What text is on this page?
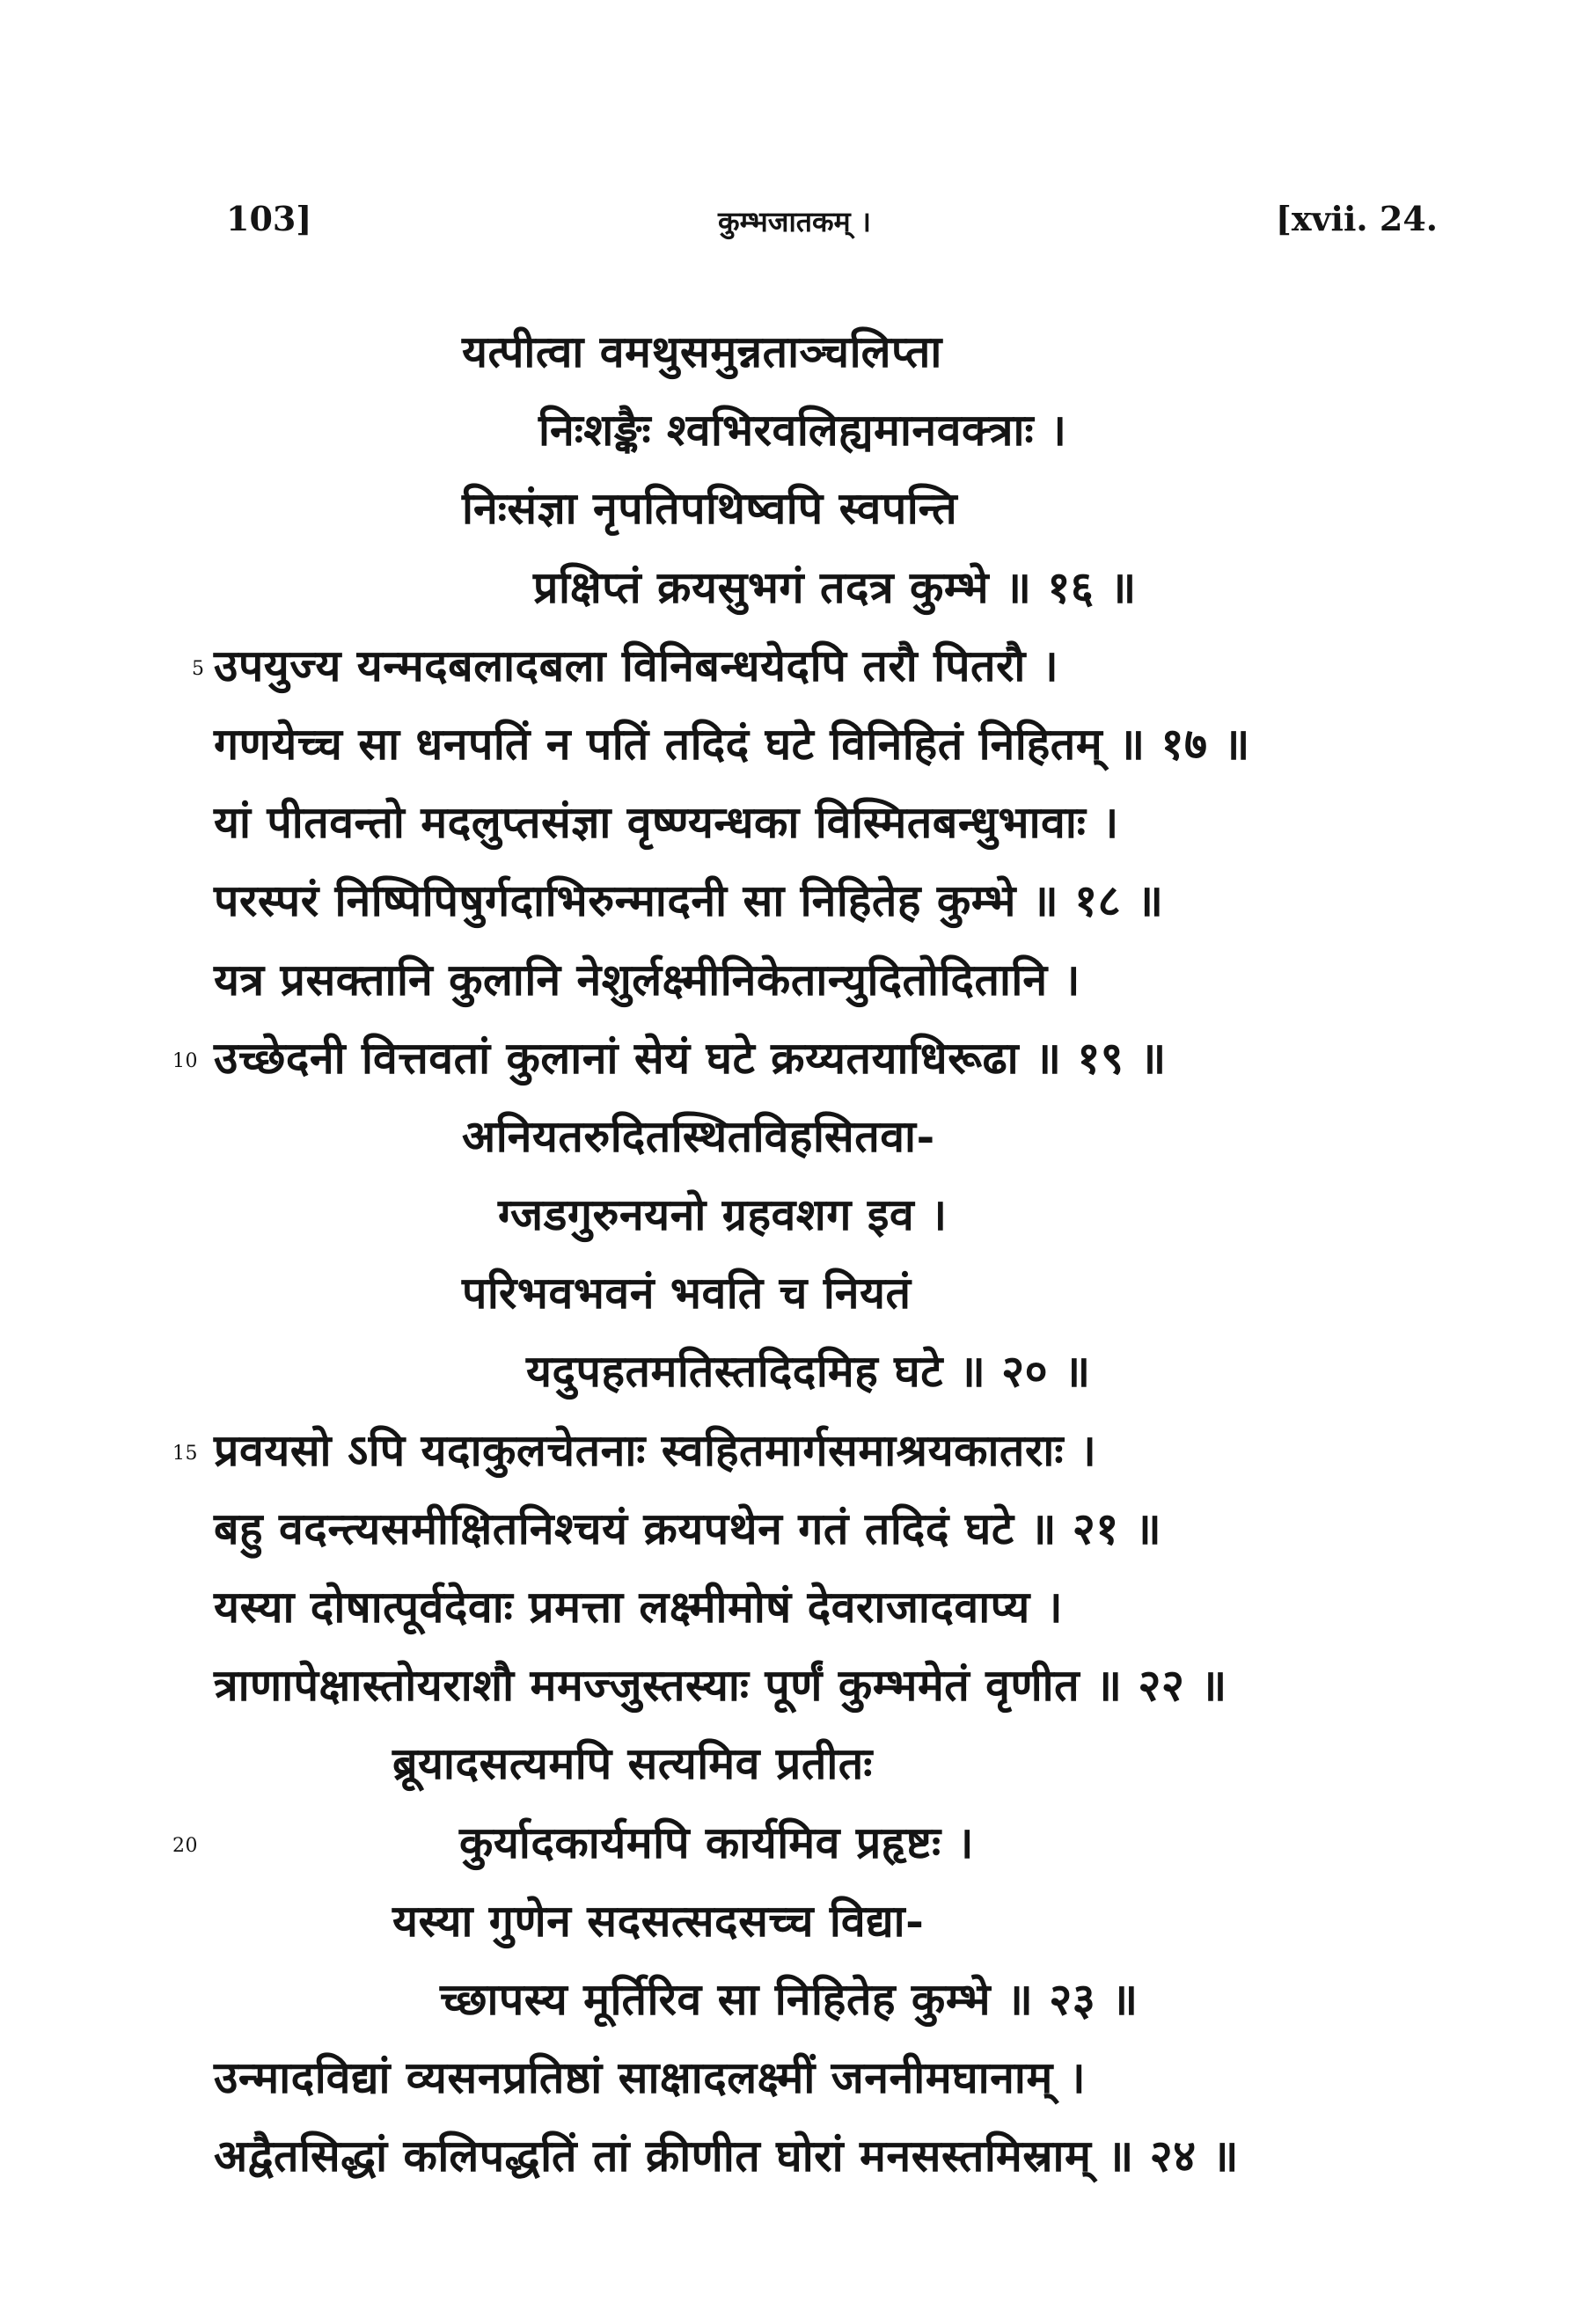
103]	कुम्भजातकम् ।	[xvii. 24.
यत्पीत्वा वमथुसमुन्नताञ्चलिप्ता
निःशङ्कैः श्वभिरवलिह्यमानवक्त्राः ।
निःसंज्ञा नृपतिपथिष्वपि स्वपन्ति
प्रक्षिप्तं क्रयसुभगं तदत्र कुम्भे ॥ १६ ॥
5 उपयुज्य यन्मदबलादबला विनिबन्धयेदपि तरौ पितरौ ।
गणयेच्च सा धनपतिं न पतिं तदिदं घटे विनिहितं निहितम् ॥ १७ ॥
यां पीतवन्तो मदलुप्तसंज्ञा वृष्ण्यन्धका विस्मितबन्धुभावाः ।
परस्परं निष्पिपिषुर्गदाभिरुन्मादनी सा निहितेह कुम्भे ॥ १८ ॥
यत्र प्रसक्तानि कुलानि नेशुर्लक्ष्मीनिकेतान्युदितोदितानि ।
10 उच्छेदनी वित्तवतां कुलानां सेयं घटे क्रय्यतयाधिरूढा ॥ १९ ॥
अनियतरुदितस्थितविहसितवा-
ग्जडगुरुनयनो ग्रहवशग इव ।
परिभवभवनं भवति च नियतं
यदुपहतमतिस्तदिदमिह घटे ॥ २० ॥
15 प्रवयसो ऽपि यदाकुलचेतनाः स्वहितमार्गसमाश्रयकातराः ।
बहु वदन्त्यसमीक्षितनिश्चयं क्रयपथेन गतं तदिदं घटे ॥ २१ ॥
यस्या दोषात्पूर्वदेवाः प्रमत्ता लक्ष्मीमोषं देवराजादवाप्य ।
त्राणापेक्षास्तोयराशौ ममज्जुस्तस्याः पूर्णं कुम्भमेतं वृणीत ॥ २२ ॥
ब्रूयादसत्यमपि सत्यमिव प्रतीतः
20	कुर्यादकार्यमपि कार्यमिव प्रहृष्टः ।
यस्या गुणेन सदसत्सदसच्च विद्या-
च्छापस्य मूर्तिरिव सा निहितेह कुम्भे ॥ २३ ॥
उन्मादविद्यां व्यसनप्रतिष्ठां साक्षादलक्ष्मीं जननीमघानाम् ।
अद्वैतसिद्धां कलिपद्धतिं तां क्रीणीत घोरां मनसस्तमिस्राम् ॥ २४ ॥
